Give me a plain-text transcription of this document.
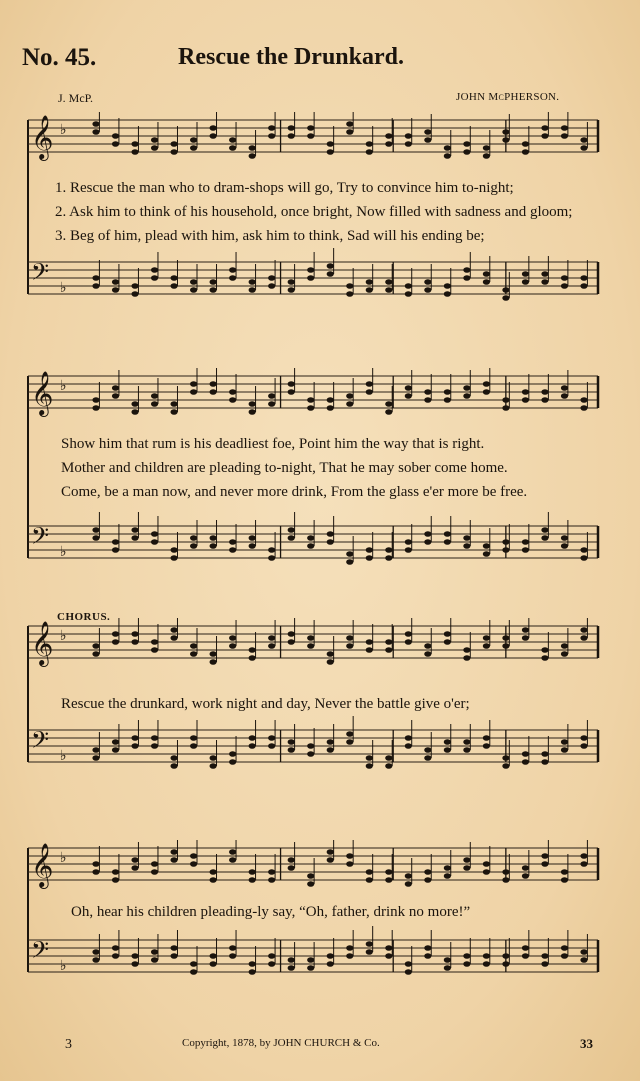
No. 45.	Rescue the Drunkard.
J. McP.	JOHN McPHERSON.
𝄞 ♭
𝄢 ♭
1. Rescue the man who to dram-shops will go, Try to convince him to-night;
2. Ask him to think of his household, once bright, Now filled with sadness and gloom;
3. Beg of him, plead with him, ask him to think, Sad will his ending be;
𝄞 ♭
𝄢 ♭
Show him that rum is his deadliest foe, Point him the way that is right.
Mother and children are pleading to-night, That he may sober come home.
Come, be a man now, and never more drink, From the glass e'er more be free.
CHORUS.
𝄞 ♭
𝄢 ♭
Rescue the drunkard, work night and day, Never the battle give o'er;
𝄞 ♭
𝄢 ♭
Oh, hear his children pleading-ly say, “Oh, father, drink no more!”
3	Copyright, 1878, by JOHN CHURCH & Co.	33
